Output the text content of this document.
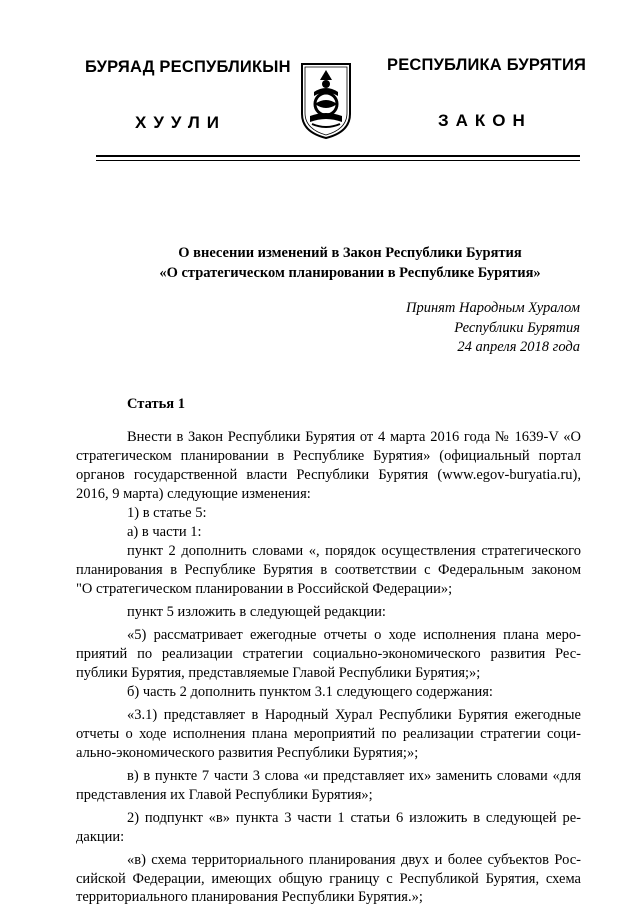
БУРЯАД РЕСПУБЛИКЫН
ХУУЛИ
РЕСПУБЛИКА БУРЯТИЯ
ЗАКОН
О внесении изменений в Закон Республики Бурятия
«О стратегическом планировании в Республике Бурятия»
Принят Народным Хуралом
Республики Бурятия
24 апреля 2018 года
Статья 1
Внести в Закон Республики Бурятия от 4 марта 2016 года № 1639-V «О
стратегическом планировании в Республике Бурятия» (официальный портал
органов государственной власти Республики Бурятия (www.egov-buryatia.ru),
2016, 9 марта) следующие изменения:
1) в статье 5:
а) в части 1:
пункт 2 дополнить словами «, порядок осуществления стратегического
планирования в Республике Бурятия в соответствии с Федеральным законом
"О стратегическом планировании в Российской Федерации»;
пункт 5 изложить в следующей редакции:
«5) рассматривает ежегодные отчеты о ходе исполнения плана меро-
приятий по реализации стратегии социально-экономического развития Рес-
публики Бурятия, представляемые Главой Республики Бурятия;»;
б) часть 2 дополнить пунктом 3.1 следующего содержания:
«3.1) представляет в Народный Хурал Республики Бурятия ежегодные
отчеты о ходе исполнения плана мероприятий по реализации стратегии соци-
ально-экономического развития Республики Бурятия;»;
в) в пункте 7 части 3 слова «и представляет их» заменить словами «для
представления их Главой Республики Бурятия»;
2) подпункт «в» пункта 3 части 1 статьи 6 изложить в следующей ре-
дакции:
«в) схема территориального планирования двух и более субъектов Рос-
сийской Федерации, имеющих общую границу с Республикой Бурятия, схема
территориального планирования Республики Бурятия.»;
